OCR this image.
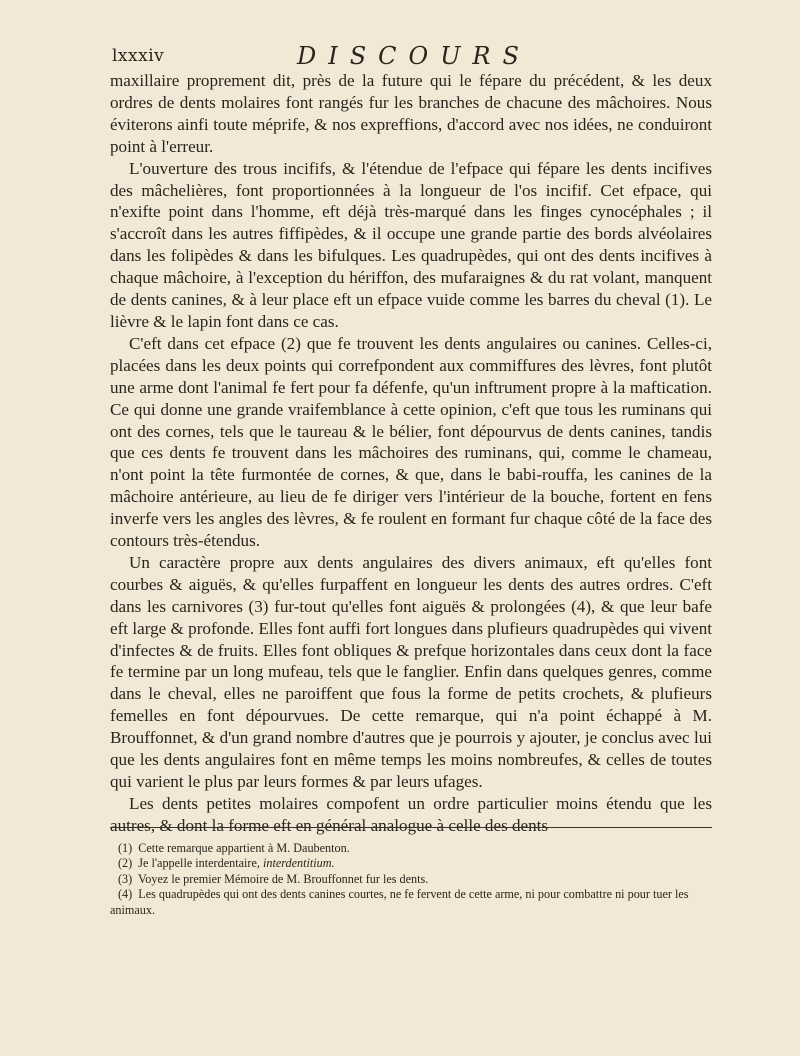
lxxxiv	DISCOURS

maxillaire proprement dit, près de la future qui le fépare du précédent, & les deux ordres de dents molaires font rangés fur les branches de chacune des mâchoires. Nous éviterons ainfi toute méprife, & nos expreffions, d'accord avec nos idées, ne conduiront point à l'erreur.

L'ouverture des trous incififs, & l'étendue de l'efpace qui fépare les dents incifives des mâchelières, font proportionnées à la longueur de l'os incifif. Cet efpace, qui n'exifte point dans l'homme, eft déjà très-marqué dans les finges cynocéphales ; il s'accroît dans les autres fiffipèdes, & il occupe une grande partie des bords alvéolaires dans les folipèdes & dans les bifulques. Les quadrupèdes, qui ont des dents incifives à chaque mâchoire, à l'exception du hériffon, des mufaraignes & du rat volant, manquent de dents canines, & à leur place eft un efpace vuide comme les barres du cheval (1). Le lièvre & le lapin font dans ce cas.

C'eft dans cet efpace (2) que fe trouvent les dents angulaires ou canines. Celles-ci, placées dans les deux points qui correfpondent aux commiffures des lèvres, font plutôt une arme dont l'animal fe fert pour fa défenfe, qu'un inftrument propre à la maftication. Ce qui donne une grande vraifemblance à cette opinion, c'eft que tous les ruminans qui ont des cornes, tels que le taureau & le bélier, font dépourvus de dents canines, tandis que ces dents fe trouvent dans les mâchoires des ruminans, qui, comme le chameau, n'ont point la tête furmontée de cornes, & que, dans le babi-rouffa, les canines de la mâchoire antérieure, au lieu de fe diriger vers l'intérieur de la bouche, fortent en fens inverfe vers les angles des lèvres, & fe roulent en formant fur chaque côté de la face des contours très-étendus.

Un caractère propre aux dents angulaires des divers animaux, eft qu'elles font courbes & aiguës, & qu'elles furpaffent en longueur les dents des autres ordres. C'eft dans les carnivores (3) fur-tout qu'elles font aiguës & prolongées (4), & que leur bafe eft large & profonde. Elles font auffi fort longues dans plufieurs quadrupèdes qui vivent d'infectes & de fruits. Elles font obliques & prefque horizontales dans ceux dont la face fe termine par un long mufeau, tels que le fanglier. Enfin dans quelques genres, comme dans le cheval, elles ne paroiffent que fous la forme de petits crochets, & plufieurs femelles en font dépourvues. De cette remarque, qui n'a point échappé à M. Brouffonnet, & d'un grand nombre d'autres que je pourrois y ajouter, je conclus avec lui que les dents angulaires font en même temps les moins nombreufes, & celles de toutes qui varient le plus par leurs formes & par leurs ufages.

Les dents petites molaires compofent un ordre particulier moins étendu que les autres, & dont la forme eft en général analogue à celle des dents

(1) Cette remarque appartient à M. Daubenton.

(2) Je l'appelle interdentaire, interdentitium.

(3) Voyez le premier Mémoire de M. Brouffonnet fur les dents.

(4) Les quadrupèdes qui ont des dents canines courtes, ne fe fervent de cette arme, ni pour combattre ni pour tuer les animaux.
